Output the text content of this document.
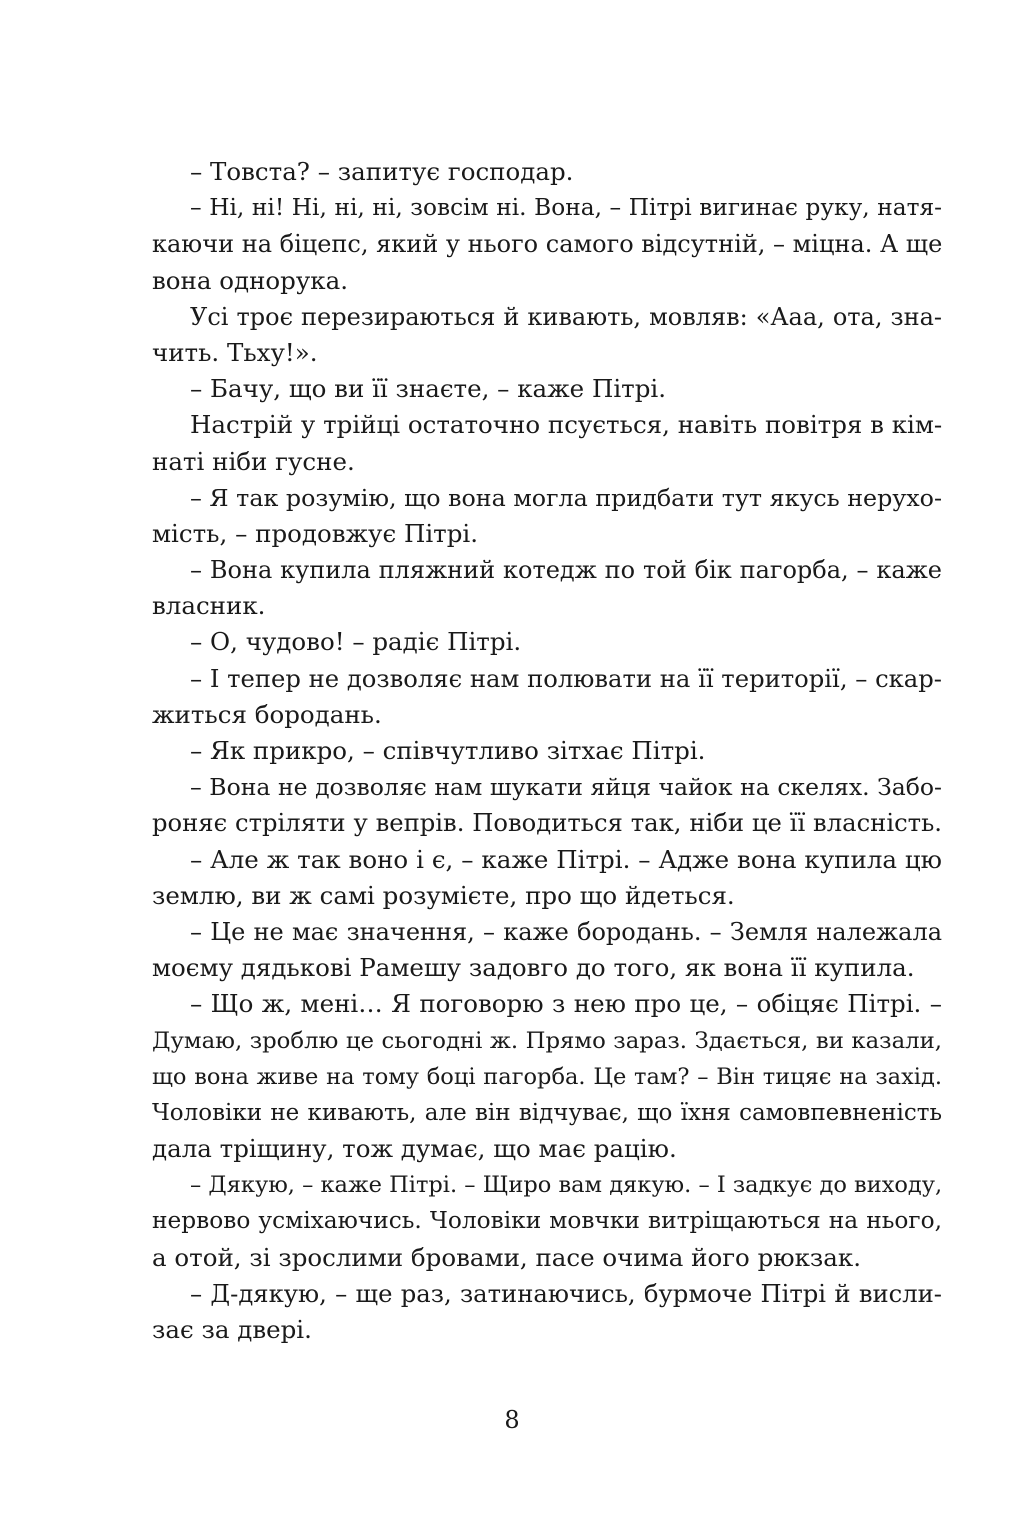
– Товста? – запитує господар.
– Ні, ні! Ні, ні, ні, зовсім ні. Вона, – Пітрі вигинає руку, натя-
каючи на біцепс, який у нього самого відсутній, – міцна. А ще
вона однорука.
Усі троє перезираються й кивають, мовляв: «Ааа, ота, зна-
чить. Тьху!».
– Бачу, що ви її знаєте, – каже Пітрі.
Настрій у трійці остаточно псується, навіть повітря в кім-
наті ніби гусне.
– Я так розумію, що вона могла придбати тут якусь нерухо-
мість, – продовжує Пітрі.
– Вона купила пляжний котедж по той бік пагорба, – каже
власник.
– О, чудово! – радіє Пітрі.
– І тепер не дозволяє нам полювати на її території, – скар-
житься бородань.
– Як прикро, – співчутливо зітхає Пітрі.
– Вона не дозволяє нам шукати яйця чайок на скелях. Забо-
роняє стріляти у вепрів. Поводиться так, ніби це її власність.
– Але ж так воно і є, – каже Пітрі. – Адже вона купила цю
землю, ви ж самі розумієте, про що йдеться.
– Це не має значення, – каже бородань. – Земля належала
моєму дядькові Рамешу задовго до того, як вона її купила.
– Що ж, мені… Я поговорю з нею про це, – обіцяє Пітрі. –
Думаю, зроблю це сьогодні ж. Прямо зараз. Здається, ви казали,
що вона живе на тому боці пагорба. Це там? – Він тицяє на захід.
Чоловіки не кивають, але він відчуває, що їхня самовпевненість
дала тріщину, тож думає, що має рацію.
– Дякую, – каже Пітрі. – Щиро вам дякую. – І задкує до виходу,
нервово усміхаючись. Чоловіки мовчки витріщаються на нього,
а отой, зі зрослими бровами, пасе очима його рюкзак.
– Д-дякую, – ще раз, затинаючись, бурмоче Пітрі й висли-
зає за двері.
8
